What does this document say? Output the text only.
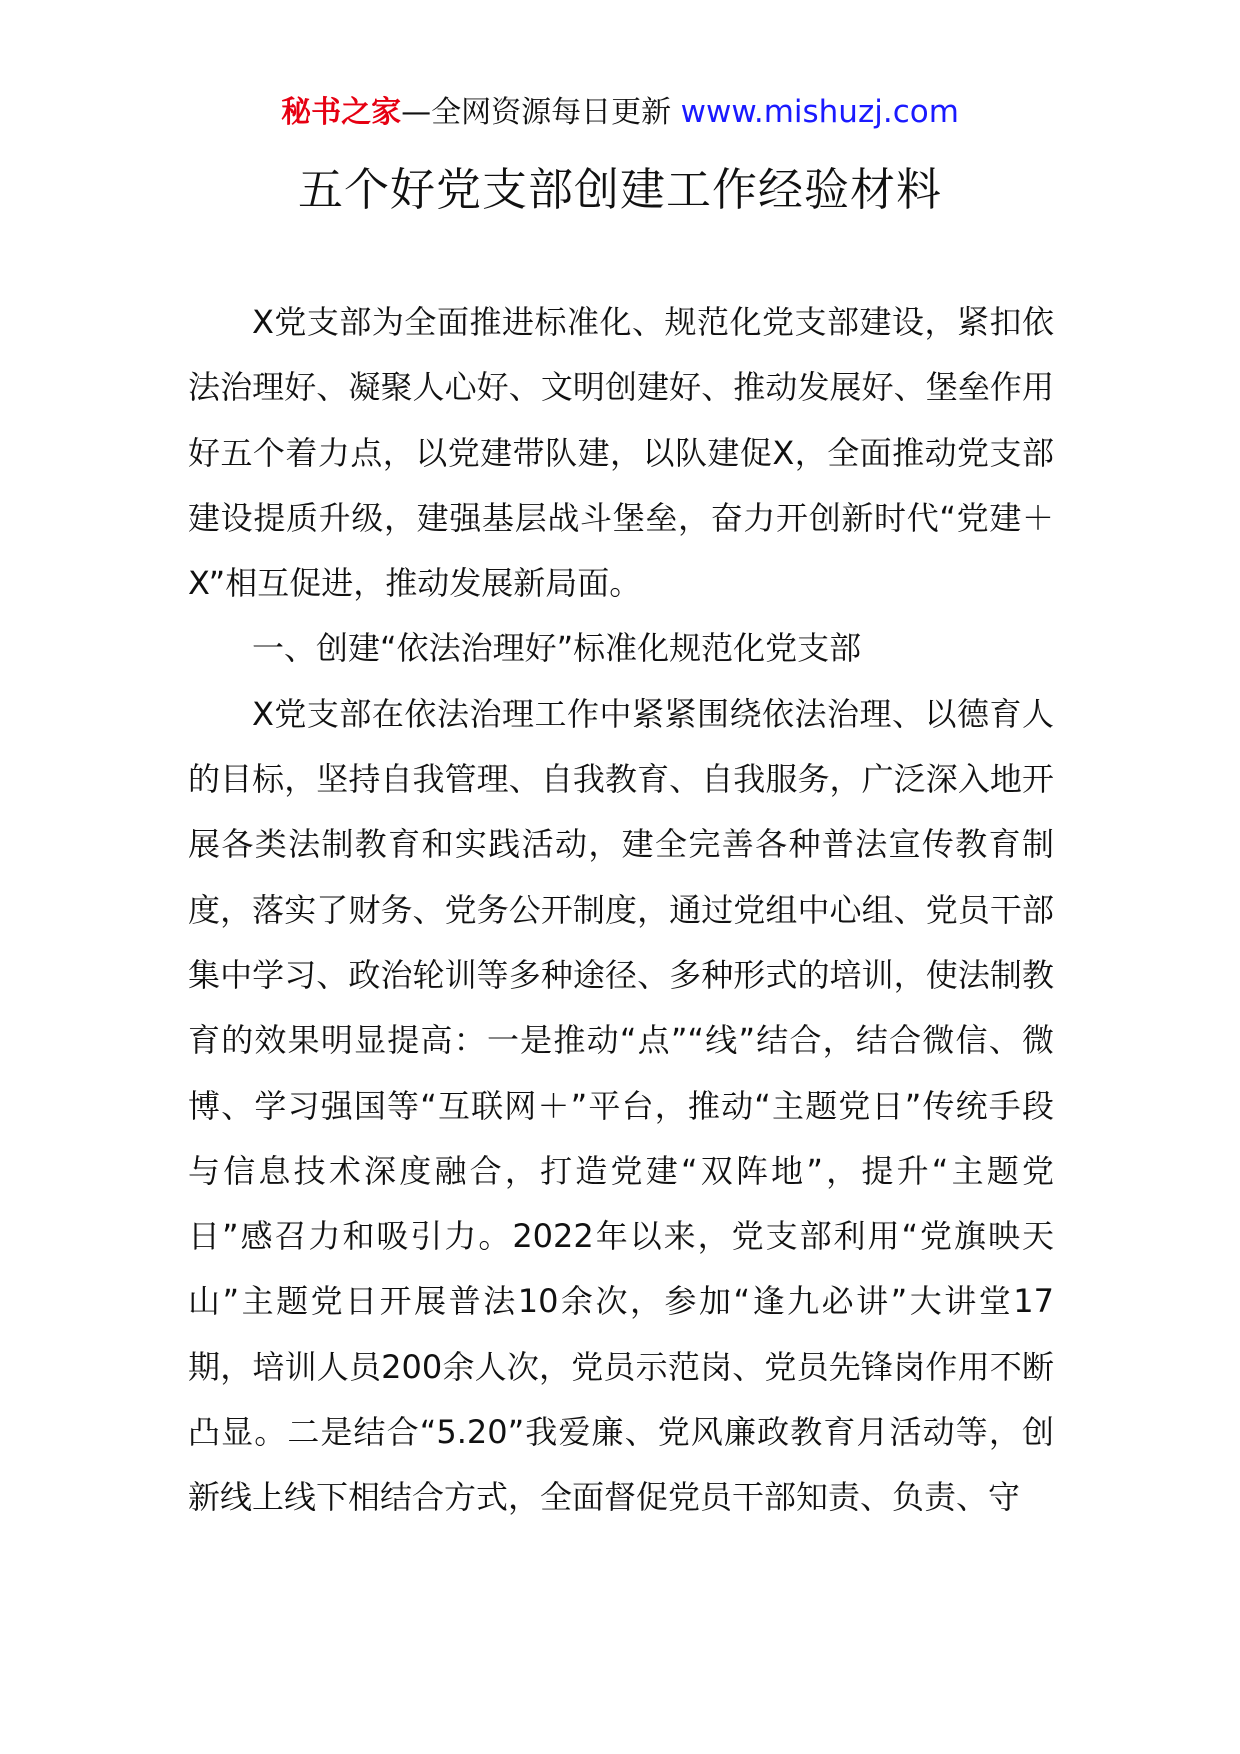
秘书之家—全网资源每日更新 www.mishuzj.com
五个好党支部创建工作经验材料

X党支部为全面推进标准化、规范化党支部建设，紧扣依法治理好、凝聚人心好、文明创建好、推动发展好、堡垒作用好五个着力点，以党建带队建，以队建促X，全面推动党支部建设提质升级，建强基层战斗堡垒，奋力开创新时代“党建＋X”相互促进，推动发展新局面。

一、创建“依法治理好”标准化规范化党支部

X党支部在依法治理工作中紧紧围绕依法治理、以德育人的目标，坚持自我管理、自我教育、自我服务，广泛深入地开展各类法制教育和实践活动，建全完善各种普法宣传教育制度，落实了财务、党务公开制度，通过党组中心组、党员干部集中学习、政治轮训等多种途径、多种形式的培训，使法制教育的效果明显提高：一是推动“点”“线”结合，结合微信、微博、学习强国等“互联网＋”平台，推动“主题党日”传统手段与信息技术深度融合，打造党建“双阵地”，提升“主题党日”感召力和吸引力。2022年以来，党支部利用“党旗映天山”主题党日开展普法10余次，参加“逢九必讲”大讲堂17期，培训人员200余人次，党员示范岗、党员先锋岗作用不断凸显。二是结合“5.20”我爱廉、党风廉政教育月活动等，创新线上线下相结合方式，全面督促党员干部知责、负责、守
